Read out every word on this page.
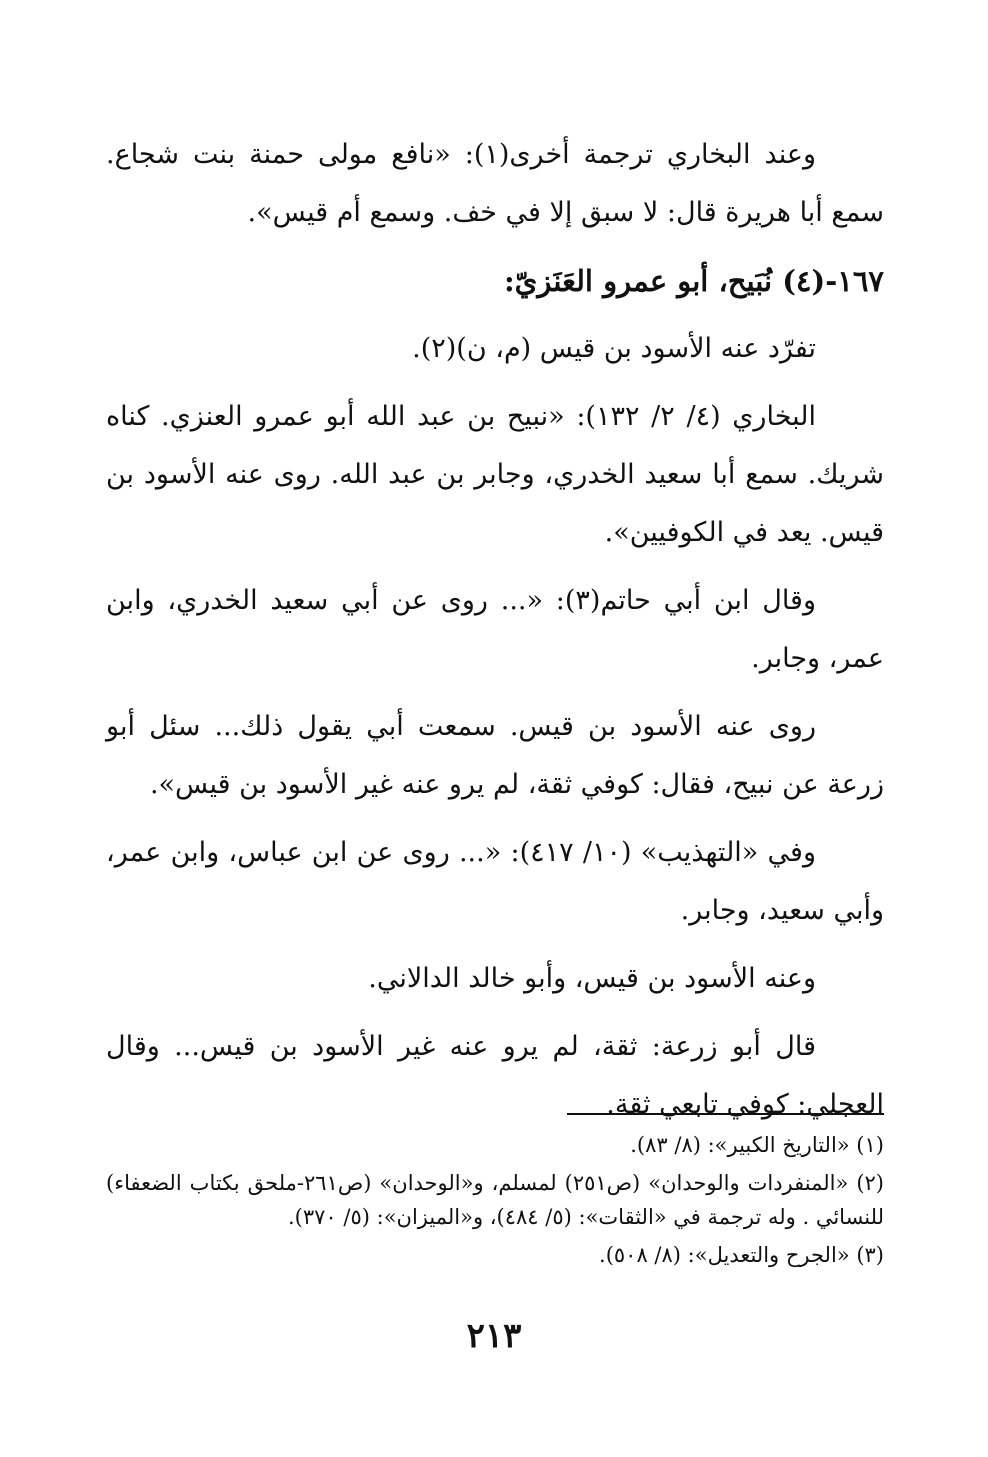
وعند البخاري ترجمة أخرى(١): «نافع مولى حمنة بنت شجاع. سمع أبا هريرة قال: لا سبق إلا في خف. وسمع أم قيس».

١٦٧-(٤) نُبَيح، أبو عمرو العَنَزيّ:

تفرّد عنه الأسود بن قيس (م، ن)(٢).

البخاري (٤/ ٢/ ١٣٢): «نبيح بن عبد الله أبو عمرو العنزي. كناه شريك. سمع أبا سعيد الخدري، وجابر بن عبد الله. روى عنه الأسود بن قيس. يعد في الكوفيين».

وقال ابن أبي حاتم(٣): «... روى عن أبي سعيد الخدري، وابن عمر، وجابر.

روى عنه الأسود بن قيس. سمعت أبي يقول ذلك... سئل أبو زرعة عن نبيح، فقال: كوفي ثقة، لم يرو عنه غير الأسود بن قيس».

وفي «التهذيب» (١٠/ ٤١٧): «... روى عن ابن عباس، وابن عمر، وأبي سعيد، وجابر.

وعنه الأسود بن قيس، وأبو خالد الدالاني.

قال أبو زرعة: ثقة، لم يرو عنه غير الأسود بن قيس... وقال العجلي: كوفي تابعي ثقة.

(١) «التاريخ الكبير»: (٨/ ٨٣).

(٢) «المنفردات والوحدان» (ص٢٥١) لمسلم، و«الوحدان» (ص٢٦١-ملحق بكتاب الضعفاء) للنسائي . وله ترجمة في «الثقات»: (٥/ ٤٨٤)، و«الميزان»: (٥/ ٣٧٠).

(٣) «الجرح والتعديل»: (٨/ ٥٠٨).

٢١٣
